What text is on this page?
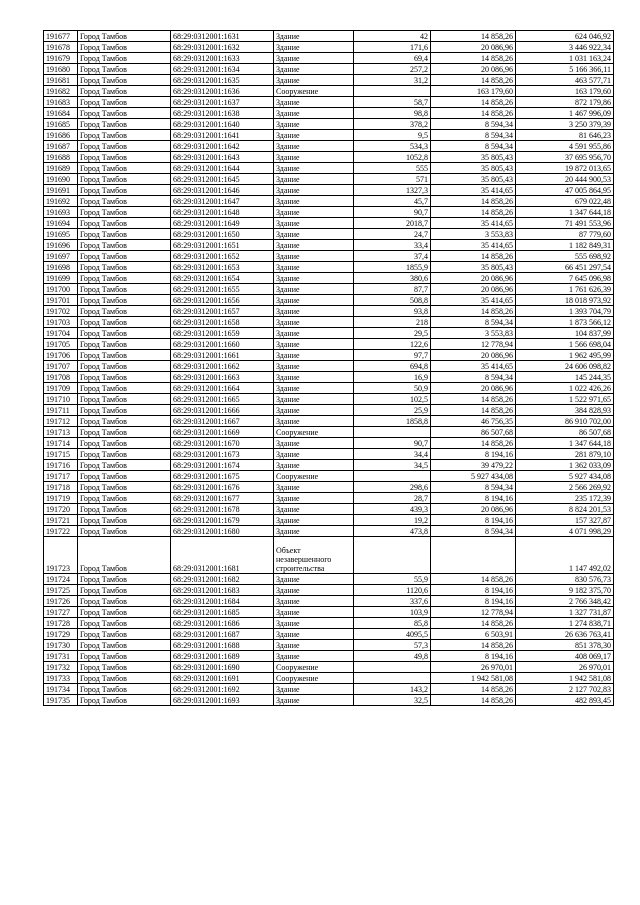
191677	Город Тамбов	68:29:0312001:1631	Здание	42	14 858,26	624 046,92
191678	Город Тамбов	68:29:0312001:1632	Здание	171,6	20 086,96	3 446 922,34
191679	Город Тамбов	68:29:0312001:1633	Здание	69,4	14 858,26	1 031 163,24
191680	Город Тамбов	68:29:0312001:1634	Здание	257,2	20 086,96	5 166 366,11
191681	Город Тамбов	68:29:0312001:1635	Здание	31,2	14 858,26	463 577,71
191682	Город Тамбов	68:29:0312001:1636	Сооружение		163 179,60	163 179,60
191683	Город Тамбов	68:29:0312001:1637	Здание	58,7	14 858,26	872 179,86
191684	Город Тамбов	68:29:0312001:1638	Здание	98,8	14 858,26	1 467 996,09
191685	Город Тамбов	68:29:0312001:1640	Здание	378,2	8 594,34	3 250 379,39
191686	Город Тамбов	68:29:0312001:1641	Здание	9,5	8 594,34	81 646,23
191687	Город Тамбов	68:29:0312001:1642	Здание	534,3	8 594,34	4 591 955,86
191688	Город Тамбов	68:29:0312001:1643	Здание	1052,8	35 805,43	37 695 956,70
191689	Город Тамбов	68:29:0312001:1644	Здание	555	35 805,43	19 872 013,65
191690	Город Тамбов	68:29:0312001:1645	Здание	571	35 805,43	20 444 900,53
191691	Город Тамбов	68:29:0312001:1646	Здание	1327,3	35 414,65	47 005 864,95
191692	Город Тамбов	68:29:0312001:1647	Здание	45,7	14 858,26	679 022,48
191693	Город Тамбов	68:29:0312001:1648	Здание	90,7	14 858,26	1 347 644,18
191694	Город Тамбов	68:29:0312001:1649	Здание	2018,7	35 414,65	71 491 553,96
191695	Город Тамбов	68:29:0312001:1650	Здание	24,7	3 553,83	87 779,60
191696	Город Тамбов	68:29:0312001:1651	Здание	33,4	35 414,65	1 182 849,31
191697	Город Тамбов	68:29:0312001:1652	Здание	37,4	14 858,26	555 698,92
191698	Город Тамбов	68:29:0312001:1653	Здание	1855,9	35 805,43	66 451 297,54
191699	Город Тамбов	68:29:0312001:1654	Здание	380,6	20 086,96	7 645 096,98
191700	Город Тамбов	68:29:0312001:1655	Здание	87,7	20 086,96	1 761 626,39
191701	Город Тамбов	68:29:0312001:1656	Здание	508,8	35 414,65	18 018 973,92
191702	Город Тамбов	68:29:0312001:1657	Здание	93,8	14 858,26	1 393 704,79
191703	Город Тамбов	68:29:0312001:1658	Здание	218	8 594,34	1 873 566,12
191704	Город Тамбов	68:29:0312001:1659	Здание	29,5	3 553,83	104 837,99
191705	Город Тамбов	68:29:0312001:1660	Здание	122,6	12 778,94	1 566 698,04
191706	Город Тамбов	68:29:0312001:1661	Здание	97,7	20 086,96	1 962 495,99
191707	Город Тамбов	68:29:0312001:1662	Здание	694,8	35 414,65	24 606 098,82
191708	Город Тамбов	68:29:0312001:1663	Здание	16,9	8 594,34	145 244,35
191709	Город Тамбов	68:29:0312001:1664	Здание	50,9	20 086,96	1 022 426,26
191710	Город Тамбов	68:29:0312001:1665	Здание	102,5	14 858,26	1 522 971,65
191711	Город Тамбов	68:29:0312001:1666	Здание	25,9	14 858,26	384 828,93
191712	Город Тамбов	68:29:0312001:1667	Здание	1858,8	46 756,35	86 910 702,00
191713	Город Тамбов	68:29:0312001:1669	Сооружение		86 507,68	86 507,68
191714	Город Тамбов	68:29:0312001:1670	Здание	90,7	14 858,26	1 347 644,18
191715	Город Тамбов	68:29:0312001:1673	Здание	34,4	8 194,16	281 879,10
191716	Город Тамбов	68:29:0312001:1674	Здание	34,5	39 479,22	1 362 033,09
191717	Город Тамбов	68:29:0312001:1675	Сооружение		5 927 434,08	5 927 434,08
191718	Город Тамбов	68:29:0312001:1676	Здание	298,6	8 594,34	2 566 269,92
191719	Город Тамбов	68:29:0312001:1677	Здание	28,7	8 194,16	235 172,39
191720	Город Тамбов	68:29:0312001:1678	Здание	439,3	20 086,96	8 824 201,53
191721	Город Тамбов	68:29:0312001:1679	Здание	19,2	8 194,16	157 327,87
191722	Город Тамбов	68:29:0312001:1680	Здание	473,8	8 594,34	4 071 998,29
191723	Город Тамбов	68:29:0312001:1681	Объект незавершенного строительства			1 147 492,02
191724	Город Тамбов	68:29:0312001:1682	Здание	55,9	14 858,26	830 576,73
191725	Город Тамбов	68:29:0312001:1683	Здание	1120,6	8 194,16	9 182 375,70
191726	Город Тамбов	68:29:0312001:1684	Здание	337,6	8 194,16	2 766 348,42
191727	Город Тамбов	68:29:0312001:1685	Здание	103,9	12 778,94	1 327 731,87
191728	Город Тамбов	68:29:0312001:1686	Здание	85,8	14 858,26	1 274 838,71
191729	Город Тамбов	68:29:0312001:1687	Здание	4095,5	6 503,91	26 636 763,41
191730	Город Тамбов	68:29:0312001:1688	Здание	57,3	14 858,26	851 378,30
191731	Город Тамбов	68:29:0312001:1689	Здание	49,8	8 194,16	408 069,17
191732	Город Тамбов	68:29:0312001:1690	Сооружение		26 970,01	26 970,01
191733	Город Тамбов	68:29:0312001:1691	Сооружение		1 942 581,08	1 942 581,08
191734	Город Тамбов	68:29:0312001:1692	Здание	143,2	14 858,26	2 127 702,83
191735	Город Тамбов	68:29:0312001:1693	Здание	32,5	14 858,26	482 893,45
